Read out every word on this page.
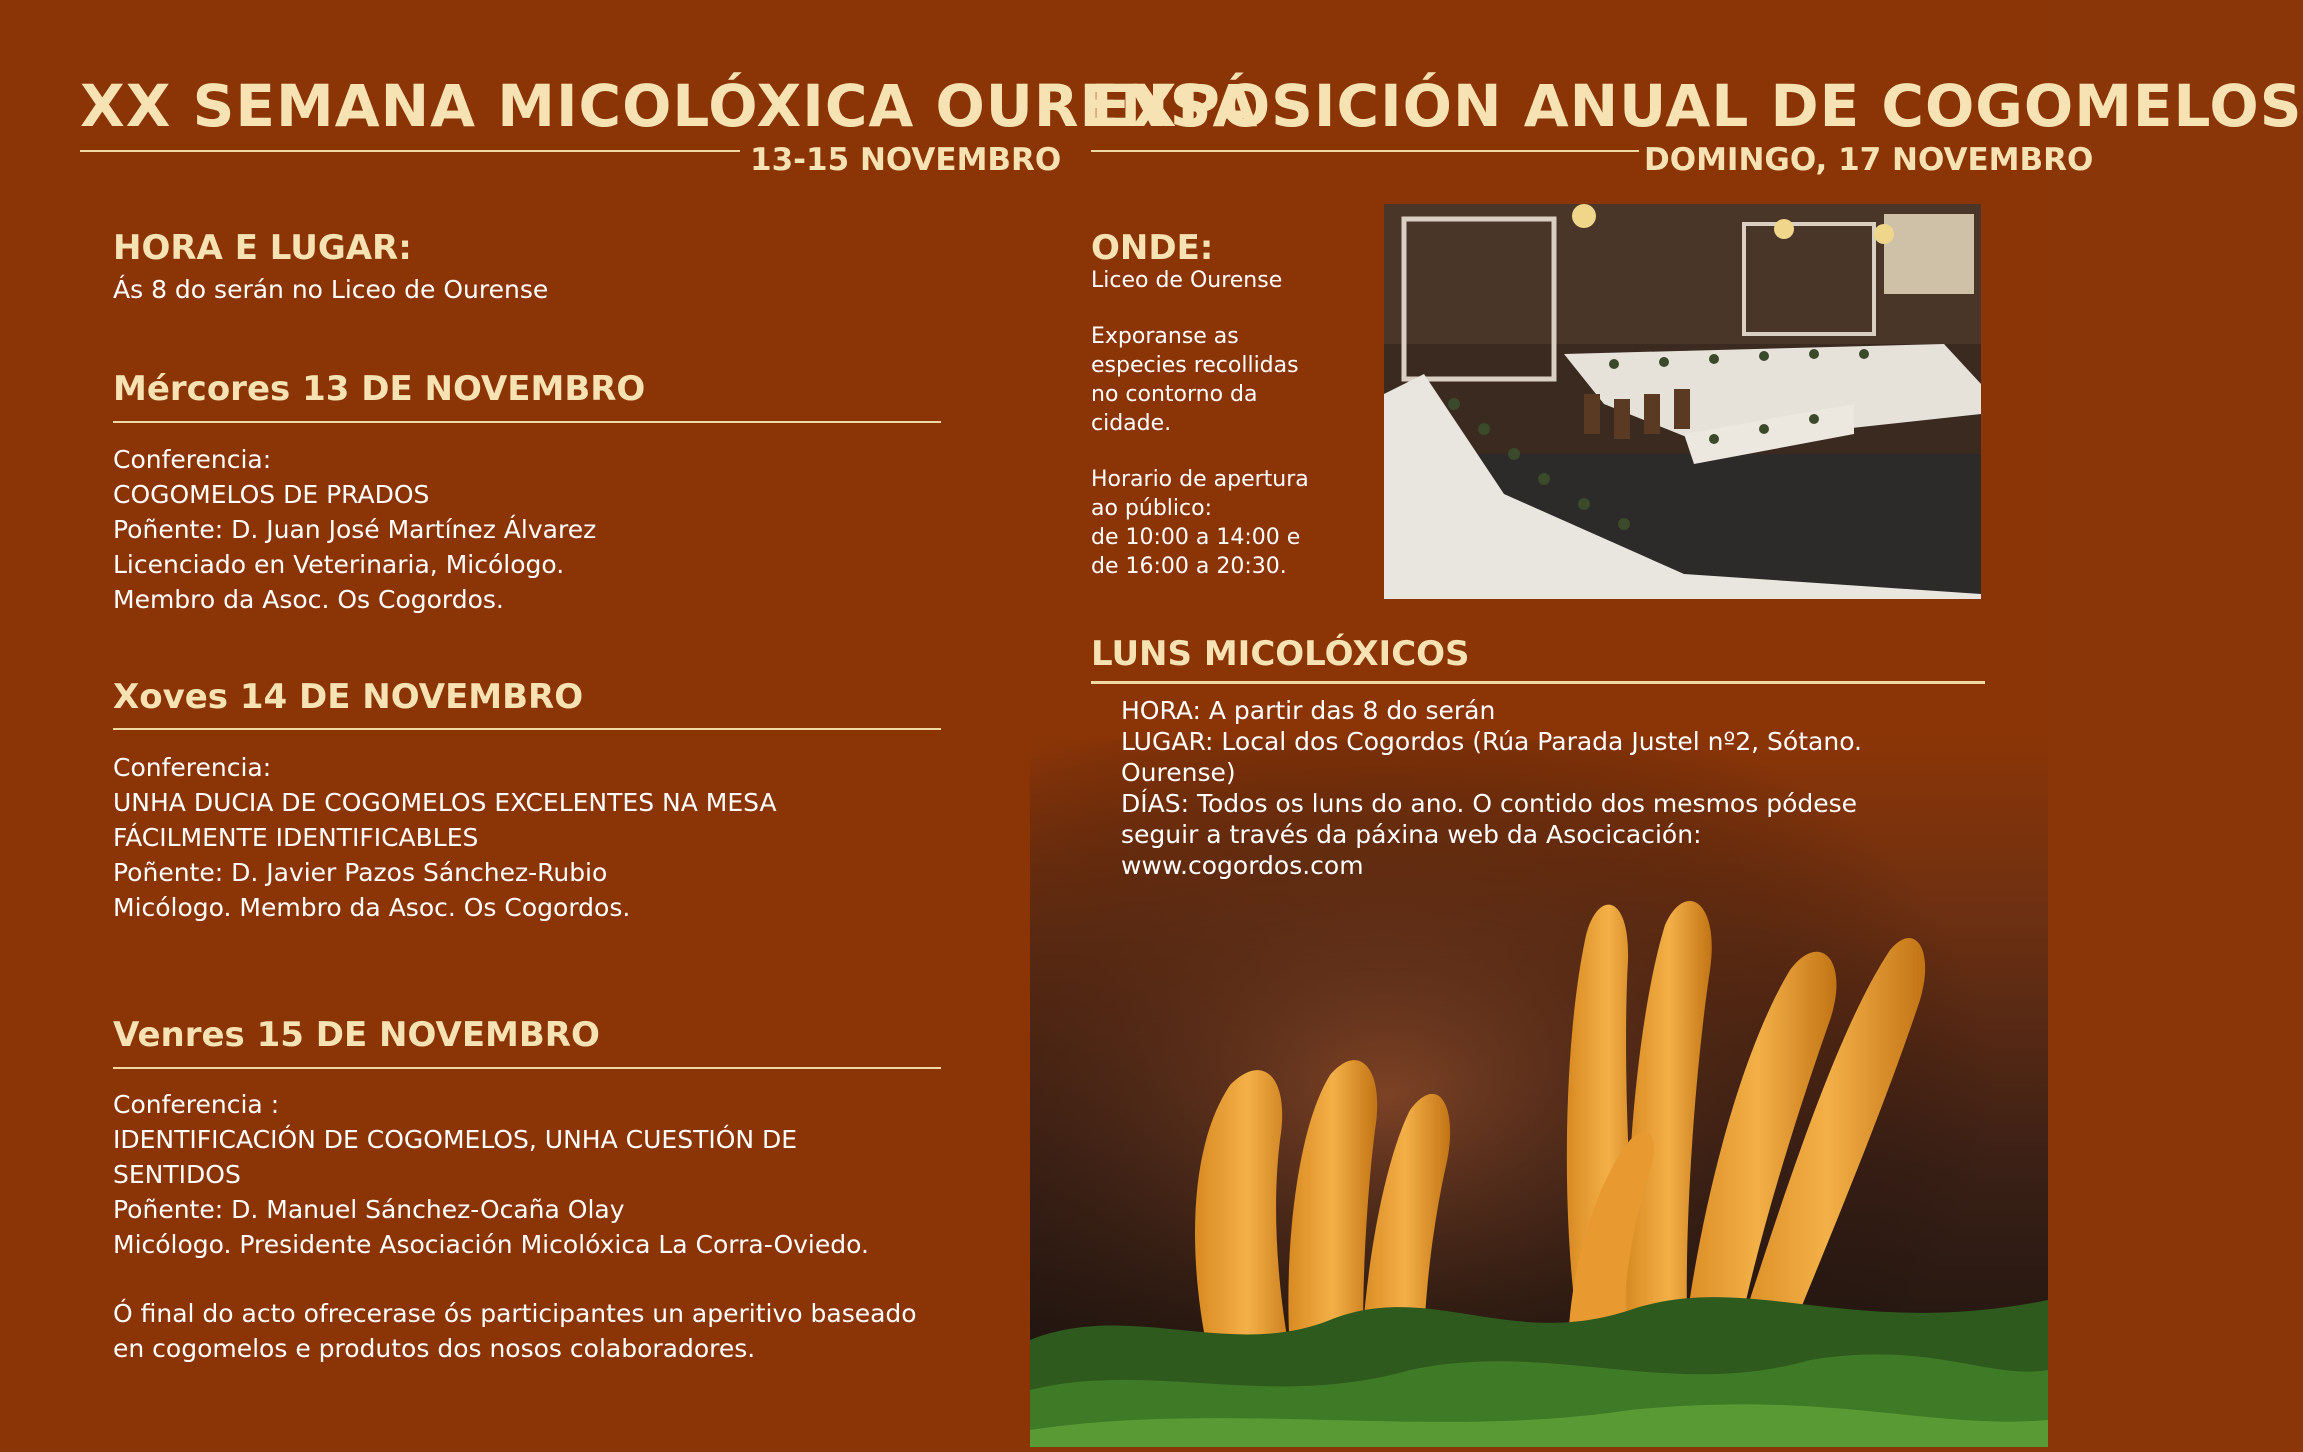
XX SEMANA MICOLÓXICA OURENSÁ

13-15 NOVEMBRO

HORA E LUGAR:

Ás 8 do serán no Liceo de Ourense

Mércores 13 DE NOVEMBRO

Conferencia:
COGOMELOS DE PRADOS
Poñente: D. Juan José Martínez Álvarez
Licenciado en Veterinaria, Micólogo.
Membro da Asoc. Os Cogordos.

Xoves 14 DE NOVEMBRO

Conferencia:
UNHA DUCIA DE COGOMELOS EXCELENTES NA MESA
FÁCILMENTE IDENTIFICABLES
Poñente: D. Javier Pazos Sánchez-Rubio
Micólogo. Membro da Asoc. Os Cogordos.

Venres 15 DE NOVEMBRO

Conferencia :
IDENTIFICACIÓN DE COGOMELOS, UNHA CUESTIÓN DE
SENTIDOS
Poñente: D. Manuel Sánchez-Ocaña Olay
Micólogo. Presidente Asociación Micolóxica La Corra-Oviedo.
Ó final do acto ofrecerase ós participantes un aperitivo baseado
en cogomelos e produtos dos nosos colaboradores.
EXPOSICIÓN ANUAL DE COGOMELOS

DOMINGO, 17 NOVEMBRO

ONDE:

Liceo de Ourense
Exporanse as
especies recollidas
no contorno da
cidade.
Horario de apertura
ao público:
de 10:00 a 14:00 e
de 16:00 a 20:30.

LUNS MICOLÓXICOS

HORA: A partir das 8 do serán
LUGAR: Local dos Cogordos (Rúa Parada Justel nº2, Sótano.
Ourense)
DÍAS: Todos os luns do ano. O contido dos mesmos pódese
seguir a través da páxina web da Asocicación:
www.cogordos.com
